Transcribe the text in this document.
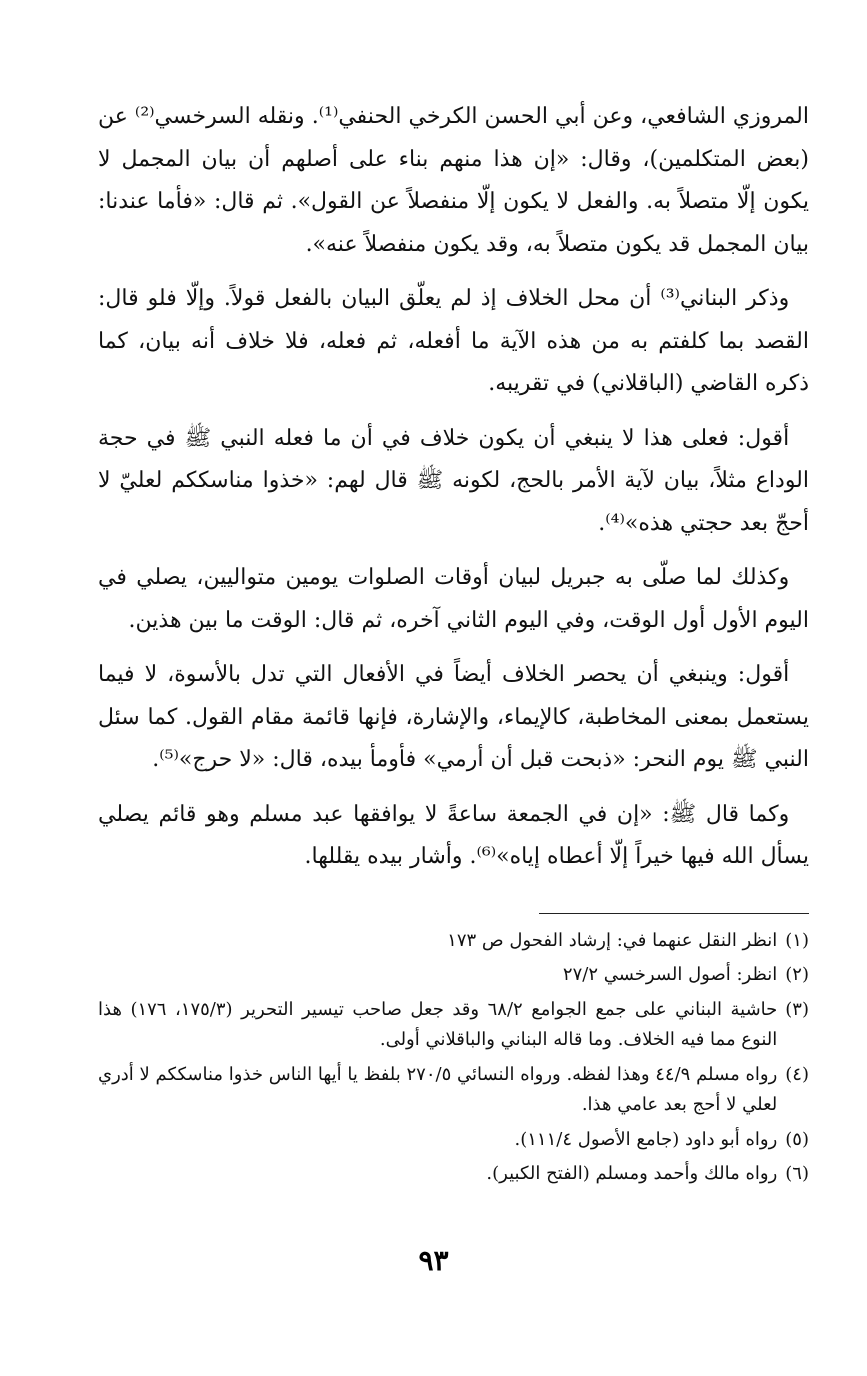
المروزي الشافعي، وعن أبي الحسن الكرخي الحنفي⁽¹⁾. ونقله السرخسي⁽²⁾ عن (بعض المتكلمين)، وقال: «إن هذا منهم بناء على أصلهم أن بيان المجمل لا يكون إلّا متصلاً به. والفعل لا يكون إلّا منفصلاً عن القول». ثم قال: «فأما عندنا: بيان المجمل قد يكون متصلاً به، وقد يكون منفصلاً عنه».

وذكر البناني⁽³⁾ أن محل الخلاف إذ لم يعلّق البيان بالفعل قولاً. وإلّا فلو قال: القصد بما كلفتم به من هذه الآية ما أفعله، ثم فعله، فلا خلاف أنه بيان، كما ذكره القاضي (الباقلاني) في تقريبه.

أقول: فعلى هذا لا ينبغي أن يكون خلاف في أن ما فعله النبي ﷺ في حجة الوداع مثلاً، بيان لآية الأمر بالحج، لكونه ﷺ قال لهم: «خذوا مناسككم لعليّ لا أحجّ بعد حجتي هذه»⁽⁴⁾.

وكذلك لما صلّى به جبريل لبيان أوقات الصلوات يومين متواليين، يصلي في اليوم الأول أول الوقت، وفي اليوم الثاني آخره، ثم قال: الوقت ما بين هذين.

أقول: وينبغي أن يحصر الخلاف أيضاً في الأفعال التي تدل بالأسوة، لا فيما يستعمل بمعنى المخاطبة، كالإيماء، والإشارة، فإنها قائمة مقام القول. كما سئل النبي ﷺ يوم النحر: «ذبحت قبل أن أرمي» فأومأ بيده، قال: «لا حرج»⁽⁵⁾.

وكما قال ﷺ: «إن في الجمعة ساعةً لا يوافقها عبد مسلم وهو قائم يصلي يسأل الله فيها خيراً إلّا أعطاه إياه»⁽⁶⁾. وأشار بيده يقللها.

(١)
انظر النقل عنهما في: إرشاد الفحول ص ١٧٣
(٢)
انظر: أصول السرخسي ٢٧/٢
(٣)
حاشية البناني على جمع الجوامع ٦٨/٢ وقد جعل صاحب تيسير التحرير (١٧٥/٣، ١٧٦) هذا النوع مما فيه الخلاف. وما قاله البناني والباقلاني أولى.
(٤)
رواه مسلم ٤٤/٩ وهذا لفظه. ورواه النسائي ٢٧٠/٥ بلفظ يا أيها الناس خذوا مناسككم لا أدري لعلي لا أحج بعد عامي هذا.
(٥)
رواه أبو داود (جامع الأصول ١١١/٤).
(٦)
رواه مالك وأحمد ومسلم (الفتح الكبير).
٩٣
